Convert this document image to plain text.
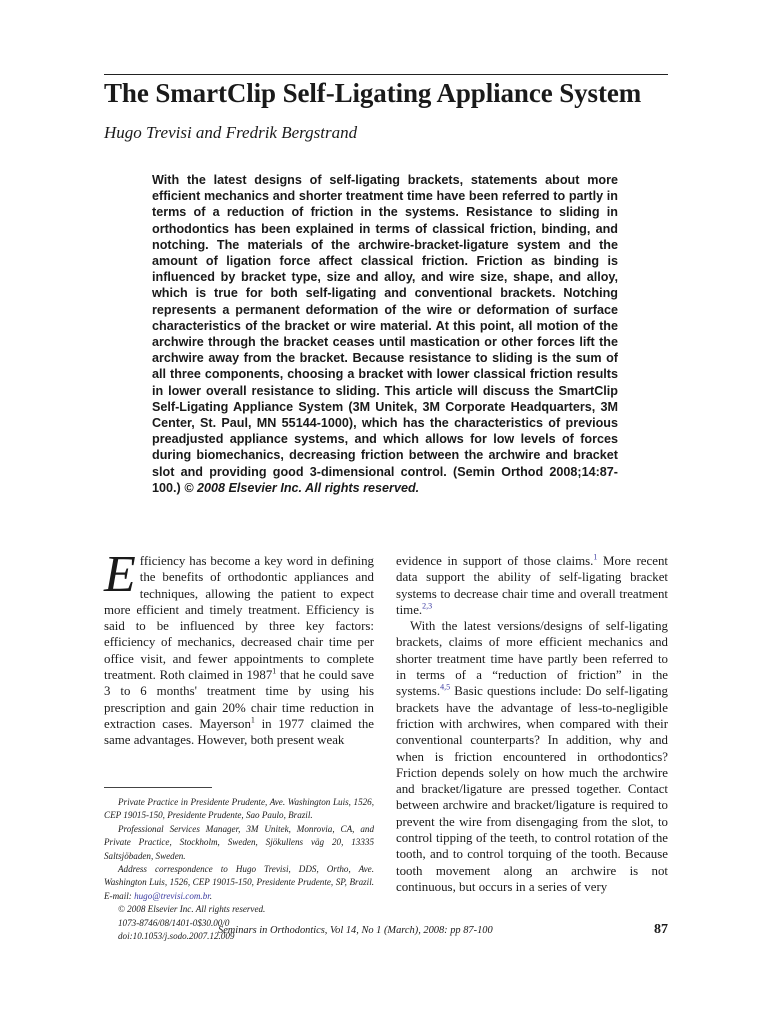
The SmartClip Self-Ligating Appliance System
Hugo Trevisi and Fredrik Bergstrand
With the latest designs of self-ligating brackets, statements about more efficient mechanics and shorter treatment time have been referred to partly in terms of a reduction of friction in the systems. Resistance to sliding in orthodontics has been explained in terms of classical friction, binding, and notching. The materials of the archwire-bracket-ligature system and the amount of ligation force affect classical friction. Friction as binding is influenced by bracket type, size and alloy, and wire size, shape, and alloy, which is true for both self-ligating and conventional brackets. Notching represents a permanent deformation of the wire or deformation of surface characteristics of the bracket or wire material. At this point, all motion of the archwire through the bracket ceases until mastication or other forces lift the archwire away from the bracket. Because resistance to sliding is the sum of all three components, choosing a bracket with lower classical friction results in lower overall resistance to sliding. This article will discuss the SmartClip Self-Ligating Appliance System (3M Unitek, 3M Corporate Headquarters, 3M Center, St. Paul, MN 55144-1000), which has the characteristics of previous preadjusted appliance systems, and which allows for low levels of forces during biomechanics, decreasing friction between the archwire and bracket slot and providing good 3-dimensional control. (Semin Orthod 2008;14:87-100.) © 2008 Elsevier Inc. All rights reserved.

Efficiency has become a key word in defining the benefits of orthodontic appliances and techniques, allowing the patient to expect more efficient and timely treatment. Efficiency is said to be influenced by three key factors: efficiency of mechanics, decreased chair time per office visit, and fewer appointments to complete treatment. Roth claimed in 1987$^1$ that he could save 3 to 6 months' treatment time by using his prescription and gain 20% chair time reduction in extraction cases. Mayerson$^1$ in 1977 claimed the same advantages. However, both present weak

Private Practice in Presidente Prudente, Ave. Washington Luis, 1526, CEP 19015-150, Presidente Prudente, Sao Paulo, Brazil.

Professional Services Manager, 3M Unitek, Monrovia, CA, and Private Practice, Stockholm, Sweden, Sjökullens väg 20, 13335 Saltsjöbaden, Sweden.

Address correspondence to Hugo Trevisi, DDS, Ortho, Ave. Washington Luis, 1526, CEP 19015-150, Presidente Prudente, SP, Brazil. E-mail: hugo@trevisi.com.br.

© 2008 Elsevier Inc. All rights reserved.

1073-8746/08/1401-0$30.00/0

doi:10.1053/j.sodo.2007.12.009

evidence in support of those claims.$^1$ More recent data support the ability of self-ligating bracket systems to decrease chair time and overall treatment time.$^{2,3}$

With the latest versions/designs of self-ligating brackets, claims of more efficient mechanics and shorter treatment time have partly been referred to in terms of a “reduction of friction” in the systems.$^{4,5}$ Basic questions include: Do self-ligating brackets have the advantage of less-to-negligible friction with archwires, when compared with their conventional counterparts? In addition, why and when is friction encountered in orthodontics? Friction depends solely on how much the archwire and bracket/ligature are pressed together. Contact between archwire and bracket/ligature is required to prevent the wire from disengaging from the slot, to control tipping of the teeth, to control rotation of the tooth, and to control torquing of the tooth. Because tooth movement along an archwire is not continuous, but occurs in a series of very

Seminars in Orthodontics, Vol 14, No 1 (March), 2008: pp 87-100	87
